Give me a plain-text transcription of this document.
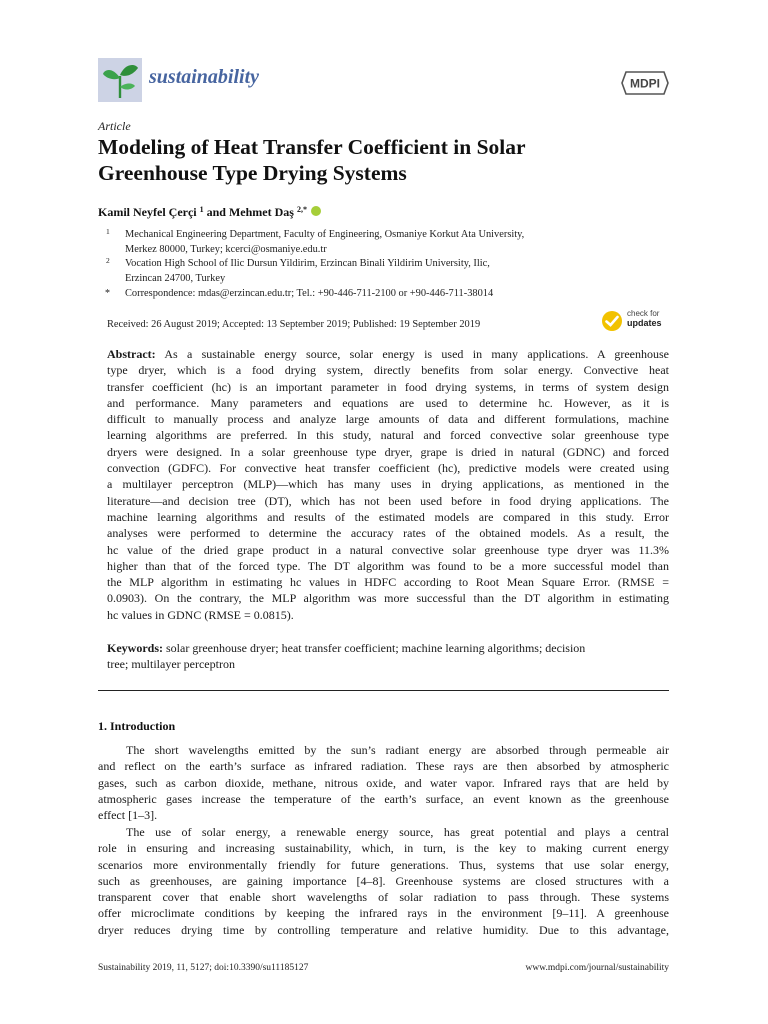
sustainability	MDPI
Article
Modeling of Heat Transfer Coefficient in Solar
Greenhouse Type Drying Systems
Kamil Neyfel Çerçi $^1$ and Mehmet Daş $^{2,*}$
1 Mechanical Engineering Department, Faculty of Engineering, Osmaniye Korkut Ata University,
Merkez 80000, Turkey; kcerci@osmaniye.edu.tr
2 Vocation High School of Ilic Dursun Yildirim, Erzincan Binali Yildirim University, Ilic,
Erzincan 24700, Turkey
* Correspondence: mdas@erzincan.edu.tr; Tel.: +90-446-711-2100 or +90-446-711-38014
Received: 26 August 2019; Accepted: 13 September 2019; Published: 19 September 2019
check for
updates
Abstract: As a sustainable energy source, solar energy is used in many applications. A greenhouse
type dryer, which is a food drying system, directly benefits from solar energy. Convective heat
transfer coefficient (hc) is an important parameter in food drying systems, in terms of system design
and performance. Many parameters and equations are used to determine hc. However, as it is
difficult to manually process and analyze large amounts of data and different formulations, machine
learning algorithms are preferred. In this study, natural and forced convective solar greenhouse type
dryers were designed. In a solar greenhouse type dryer, grape is dried in natural (GDNC) and forced
convection (GDFC). For convective heat transfer coefficient (hc), predictive models were created using
a multilayer perceptron (MLP)—which has many uses in drying applications, as mentioned in the
literature—and decision tree (DT), which has not been used before in food drying applications. The
machine learning algorithms and results of the estimated models are compared in this study. Error
analyses were performed to determine the accuracy rates of the obtained models. As a result, the
hc value of the dried grape product in a natural convective solar greenhouse type dryer was 11.3%
higher than that of the forced type. The DT algorithm was found to be a more successful model than
the MLP algorithm in estimating hc values in HDFC according to Root Mean Square Error. (RMSE =
0.0903). On the contrary, the MLP algorithm was more successful than the DT algorithm in estimating
hc values in GDNC (RMSE = 0.0815).
Keywords: solar greenhouse dryer; heat transfer coefficient; machine learning algorithms; decision
tree; multilayer perceptron
1. Introduction
The short wavelengths emitted by the sun’s radiant energy are absorbed through permeable air
and reflect on the earth’s surface as infrared radiation. These rays are then absorbed by atmospheric
gases, such as carbon dioxide, methane, nitrous oxide, and water vapor. Infrared rays that are held by
atmospheric gases increase the temperature of the earth’s surface, an event known as the greenhouse
effect [1–3].
The use of solar energy, a renewable energy source, has great potential and plays a central
role in ensuring and increasing sustainability, which, in turn, is the key to making current energy
scenarios more environmentally friendly for future generations. Thus, systems that use solar energy,
such as greenhouses, are gaining importance [4–8]. Greenhouse systems are closed structures with a
transparent cover that enable short wavelengths of solar radiation to pass through. These systems
offer microclimate conditions by keeping the infrared rays in the environment [9–11]. A greenhouse
dryer reduces drying time by controlling temperature and relative humidity. Due to this advantage,
Sustainability 2019, 11, 5127; doi:10.3390/su11185127	www.mdpi.com/journal/sustainability
